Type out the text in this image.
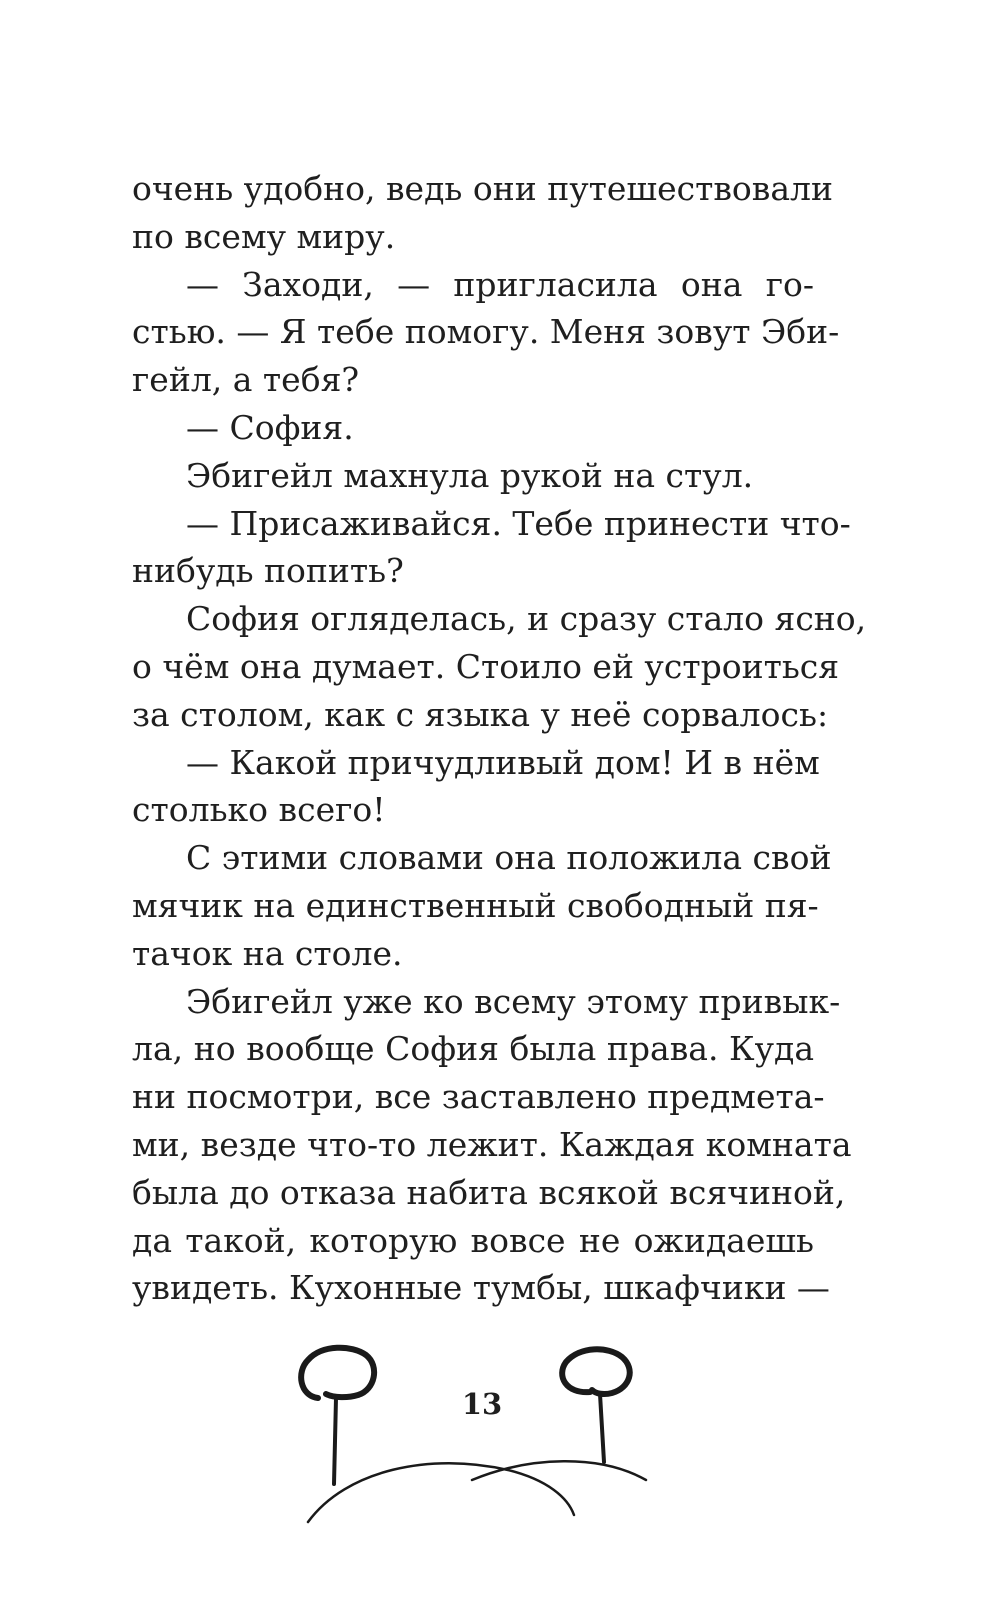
очень удобно, ведь они путешествовали
по всему миру.
— Заходи, — пригласила она го-
стью. — Я тебе помогу. Меня зовут Эби-
гейл, а тебя?
— София.
Эбигейл махнула рукой на стул.
— Присаживайся. Тебе принести что-
нибудь попить?
София огляделась, и сразу стало ясно,
о чём она думает. Стоило ей устроиться
за столом, как с языка у неё сорвалось:
— Какой причудливый дом! И в нём
столько всего!
С этими словами она положила свой
мячик на единственный свободный пя-
тачок на столе.
Эбигейл уже ко всему этому привык-
ла, но вообще София была права. Куда
ни посмотри, все заставлено предмета-
ми, везде что-то лежит. Каждая комната
была до отказа набита всякой всячиной,
да такой, которую вовсе не ожидаешь
увидеть. Кухонные тумбы, шкафчики —
13
